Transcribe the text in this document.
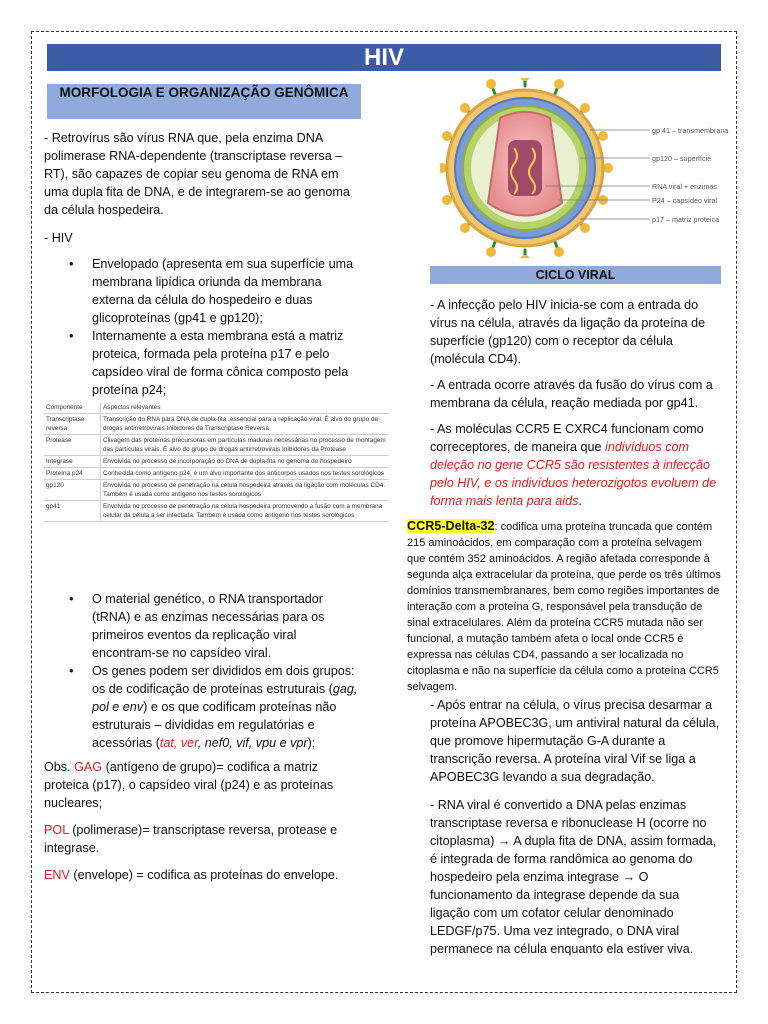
HIV
MORFOLOGIA E ORGANIZAÇÃO GENÔMICA
- Retrovírus são vírus RNA que, pela enzima DNA polimerase RNA-dependente (transcriptase reversa – RT), são capazes de copiar seu genoma de RNA em uma dupla fita de DNA, e de integrarem-se ao genoma da célula hospedeira.
- HIV
• Envelopado (apresenta em sua superfície uma membrana lipídica oriunda da membrana externa da célula do hospedeiro e duas glicoproteínas (gp41 e gp120);
• Internamente a esta membrana está a matriz proteica, formada pela proteína p17 e pelo capsídeo viral de forma cônica composto pela proteína p24;
Componente	Aspectos relevantes
Transcriptase reversa	Transcrição do RNA para DNA de dupla-fita ,essencial para a replicação viral. É alvo do grupo de drogas antirretrovirais Inibidores da Transcriptase Reversa

Protease	Clivagem das proteínas precursoras em partículas maduras necessárias no processo de montagem das partículas virais. É alvo do grupo de drogas antirretrovirais Inibidores da Protease

Integrase	Envolvida no processo de incorporação do DNA de dupla-fita no genoma do hospedeiro

Proteína p24	Conhecida como antígeno p24, é um alvo importante dos anticorpos usados nos testes sorológicos

gp120	Envolvida no processo de penetração na célula hospedeira através da ligação com moléculas CD4. Também é usada como antígeno nos testes sorológicos

gp41	Envolvida no processo de penetração na célula hospedeira promovendo a fusão com a membrana celular da célula a ser infectada. Também é usada como antígeno nos testes sorológicos
• O material genético, o RNA transportador (tRNA) e as enzimas necessárias para os primeiros eventos da replicação viral encontram-se no capsídeo viral.
• Os genes podem ser divididos em dois grupos: os de codificação de proteínas estruturais (gag, pol e env) e os que codificam proteínas não estruturais – divididas em regulatórias e acessórias (tat, ver, nef0, vif, vpu e vpr);
Obs. GAG (antígeno de grupo)= codifica a matriz proteica (p17), o capsídeo viral (p24) e as proteínas nucleares;
POL (polimerase)= transcriptase reversa, protease e integrase.
ENV (envelope) = codifica as proteínas do envelope.
gp 41 – transmembrana
gp120 – superfície
RNA viral + enzimas
P24 – capsídeo viral
p17 – matriz proteica
CICLO VIRAL
- A infecção pelo HIV inicia-se com a entrada do vírus na célula, através da ligação da proteína de superfície (gp120) com o receptor da célula (molécula CD4).
- A entrada ocorre através da fusão do vírus com a membrana da célula, reação mediada por gp41.
- As moléculas CCR5 E CXRC4 funcionam como correceptores, de maneira que indivíduos com deleção no gene CCR5 são resistentes à infecção pelo HIV, e os indivíduos heterozigotos evoluem de forma mais lenta para aids.
CCR5-Delta-32: codifica uma proteína truncada que contém 215 aminoácidos, em comparação com a proteína selvagem que contém 352 aminoácidos. A região afetada corresponde à segunda alça extracelular da proteína, que perde os três últimos domínios transmembranares, bem como regiões importantes de interação com a proteína G, responsável pela transdução de sinal extracelulares. Além da proteína CCR5 mutada não ser funcional, a mutação também afeta o local onde CCR5 é expressa nas células CD4, passando a ser localizada no citoplasma e não na superfície da célula como a proteína CCR5 selvagem.
- Após entrar na célula, o vírus precisa desarmar a proteína APOBEC3G, um antiviral natural da célula, que promove hipermutação G-A durante a transcrição reversa. A proteína viral Vif se liga a APOBEC3G levando a sua degradação.
- RNA viral é convertido a DNA pelas enzimas transcriptase reversa e ribonuclease H (ocorre no citoplasma) → A dupla fita de DNA, assim formada, é integrada de forma randômica ao genoma do hospedeiro pela enzima integrase → O funcionamento da integrase depende da sua ligação com um cofator celular denominado LEDGF/p75. Uma vez integrado, o DNA viral permanece na célula enquanto ela estiver viva.
